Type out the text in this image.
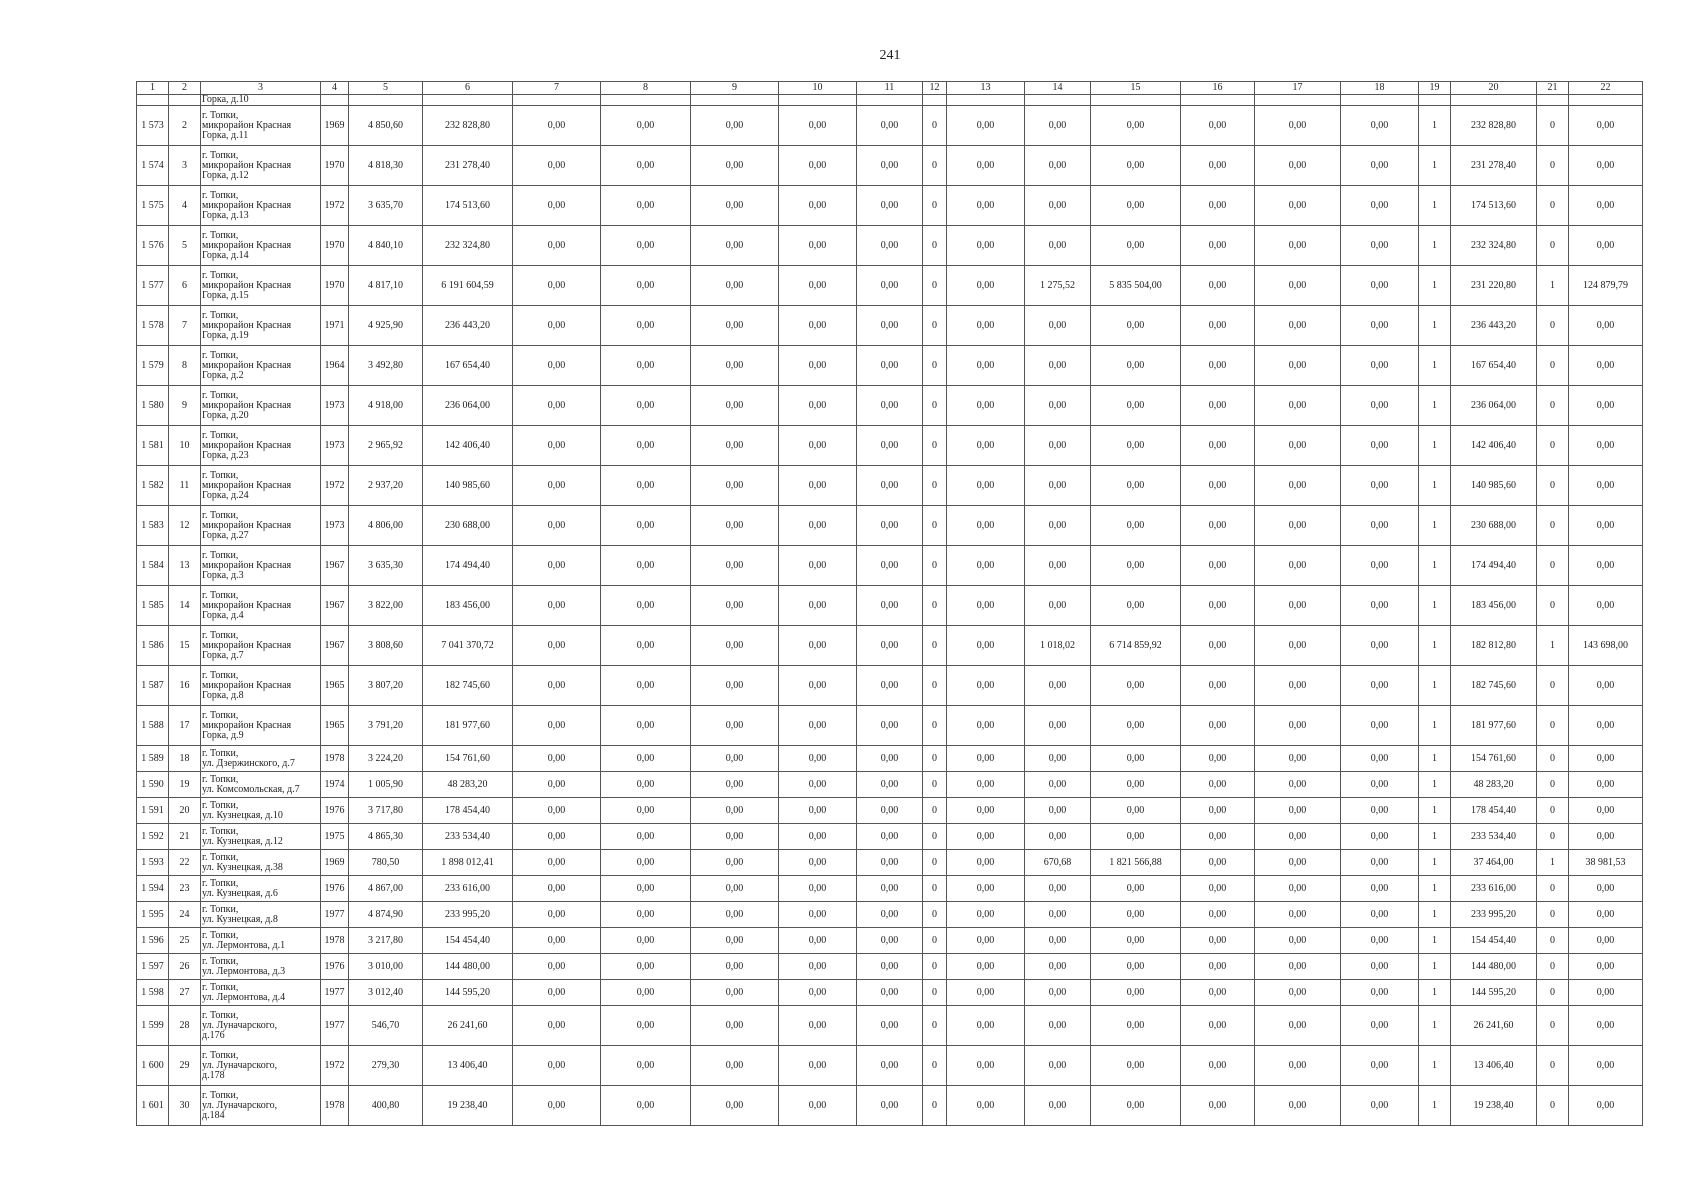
241
1	2	3	4	5	6	7	8	9	10	11	12	13	14	15	16	17	18	19	20	21	22
		Горка, д.10																			
1 573	2	г. Топки,
микрорайон Красная
Горка, д.11	1969	4 850,60	232 828,80	0,00	0,00	0,00	0,00	0,00	0	0,00	0,00	0,00	0,00	0,00	0,00	1	232 828,80	0	0,00
1 574	3	г. Топки,
микрорайон Красная
Горка, д.12	1970	4 818,30	231 278,40	0,00	0,00	0,00	0,00	0,00	0	0,00	0,00	0,00	0,00	0,00	0,00	1	231 278,40	0	0,00
1 575	4	г. Топки,
микрорайон Красная
Горка, д.13	1972	3 635,70	174 513,60	0,00	0,00	0,00	0,00	0,00	0	0,00	0,00	0,00	0,00	0,00	0,00	1	174 513,60	0	0,00
1 576	5	г. Топки,
микрорайон Красная
Горка, д.14	1970	4 840,10	232 324,80	0,00	0,00	0,00	0,00	0,00	0	0,00	0,00	0,00	0,00	0,00	0,00	1	232 324,80	0	0,00
1 577	6	г. Топки,
микрорайон Красная
Горка, д.15	1970	4 817,10	6 191 604,59	0,00	0,00	0,00	0,00	0,00	0	0,00	1 275,52	5 835 504,00	0,00	0,00	0,00	1	231 220,80	1	124 879,79
1 578	7	г. Топки,
микрорайон Красная
Горка, д.19	1971	4 925,90	236 443,20	0,00	0,00	0,00	0,00	0,00	0	0,00	0,00	0,00	0,00	0,00	0,00	1	236 443,20	0	0,00
1 579	8	г. Топки,
микрорайон Красная
Горка, д.2	1964	3 492,80	167 654,40	0,00	0,00	0,00	0,00	0,00	0	0,00	0,00	0,00	0,00	0,00	0,00	1	167 654,40	0	0,00
1 580	9	г. Топки,
микрорайон Красная
Горка, д.20	1973	4 918,00	236 064,00	0,00	0,00	0,00	0,00	0,00	0	0,00	0,00	0,00	0,00	0,00	0,00	1	236 064,00	0	0,00
1 581	10	г. Топки,
микрорайон Красная
Горка, д.23	1973	2 965,92	142 406,40	0,00	0,00	0,00	0,00	0,00	0	0,00	0,00	0,00	0,00	0,00	0,00	1	142 406,40	0	0,00
1 582	11	г. Топки,
микрорайон Красная
Горка, д.24	1972	2 937,20	140 985,60	0,00	0,00	0,00	0,00	0,00	0	0,00	0,00	0,00	0,00	0,00	0,00	1	140 985,60	0	0,00
1 583	12	г. Топки,
микрорайон Красная
Горка, д.27	1973	4 806,00	230 688,00	0,00	0,00	0,00	0,00	0,00	0	0,00	0,00	0,00	0,00	0,00	0,00	1	230 688,00	0	0,00
1 584	13	г. Топки,
микрорайон Красная
Горка, д.3	1967	3 635,30	174 494,40	0,00	0,00	0,00	0,00	0,00	0	0,00	0,00	0,00	0,00	0,00	0,00	1	174 494,40	0	0,00
1 585	14	г. Топки,
микрорайон Красная
Горка, д.4	1967	3 822,00	183 456,00	0,00	0,00	0,00	0,00	0,00	0	0,00	0,00	0,00	0,00	0,00	0,00	1	183 456,00	0	0,00
1 586	15	г. Топки,
микрорайон Красная
Горка, д.7	1967	3 808,60	7 041 370,72	0,00	0,00	0,00	0,00	0,00	0	0,00	1 018,02	6 714 859,92	0,00	0,00	0,00	1	182 812,80	1	143 698,00
1 587	16	г. Топки,
микрорайон Красная
Горка, д.8	1965	3 807,20	182 745,60	0,00	0,00	0,00	0,00	0,00	0	0,00	0,00	0,00	0,00	0,00	0,00	1	182 745,60	0	0,00
1 588	17	г. Топки,
микрорайон Красная
Горка, д.9	1965	3 791,20	181 977,60	0,00	0,00	0,00	0,00	0,00	0	0,00	0,00	0,00	0,00	0,00	0,00	1	181 977,60	0	0,00
1 589	18	г. Топки,
ул. Дзержинского, д.7	1978	3 224,20	154 761,60	0,00	0,00	0,00	0,00	0,00	0	0,00	0,00	0,00	0,00	0,00	0,00	1	154 761,60	0	0,00
1 590	19	г. Топки,
ул. Комсомольская, д.7	1974	1 005,90	48 283,20	0,00	0,00	0,00	0,00	0,00	0	0,00	0,00	0,00	0,00	0,00	0,00	1	48 283,20	0	0,00
1 591	20	г. Топки,
ул. Кузнецкая, д.10	1976	3 717,80	178 454,40	0,00	0,00	0,00	0,00	0,00	0	0,00	0,00	0,00	0,00	0,00	0,00	1	178 454,40	0	0,00
1 592	21	г. Топки,
ул. Кузнецкая, д.12	1975	4 865,30	233 534,40	0,00	0,00	0,00	0,00	0,00	0	0,00	0,00	0,00	0,00	0,00	0,00	1	233 534,40	0	0,00
1 593	22	г. Топки,
ул. Кузнецкая, д.38	1969	780,50	1 898 012,41	0,00	0,00	0,00	0,00	0,00	0	0,00	670,68	1 821 566,88	0,00	0,00	0,00	1	37 464,00	1	38 981,53
1 594	23	г. Топки,
ул. Кузнецкая, д.6	1976	4 867,00	233 616,00	0,00	0,00	0,00	0,00	0,00	0	0,00	0,00	0,00	0,00	0,00	0,00	1	233 616,00	0	0,00
1 595	24	г. Топки,
ул. Кузнецкая, д.8	1977	4 874,90	233 995,20	0,00	0,00	0,00	0,00	0,00	0	0,00	0,00	0,00	0,00	0,00	0,00	1	233 995,20	0	0,00
1 596	25	г. Топки,
ул. Лермонтова, д.1	1978	3 217,80	154 454,40	0,00	0,00	0,00	0,00	0,00	0	0,00	0,00	0,00	0,00	0,00	0,00	1	154 454,40	0	0,00
1 597	26	г. Топки,
ул. Лермонтова, д.3	1976	3 010,00	144 480,00	0,00	0,00	0,00	0,00	0,00	0	0,00	0,00	0,00	0,00	0,00	0,00	1	144 480,00	0	0,00
1 598	27	г. Топки,
ул. Лермонтова, д.4	1977	3 012,40	144 595,20	0,00	0,00	0,00	0,00	0,00	0	0,00	0,00	0,00	0,00	0,00	0,00	1	144 595,20	0	0,00
1 599	28	г. Топки,
ул. Луначарского,
д.176	1977	546,70	26 241,60	0,00	0,00	0,00	0,00	0,00	0	0,00	0,00	0,00	0,00	0,00	0,00	1	26 241,60	0	0,00
1 600	29	г. Топки,
ул. Луначарского,
д.178	1972	279,30	13 406,40	0,00	0,00	0,00	0,00	0,00	0	0,00	0,00	0,00	0,00	0,00	0,00	1	13 406,40	0	0,00
1 601	30	г. Топки,
ул. Луначарского,
д.184	1978	400,80	19 238,40	0,00	0,00	0,00	0,00	0,00	0	0,00	0,00	0,00	0,00	0,00	0,00	1	19 238,40	0	0,00
